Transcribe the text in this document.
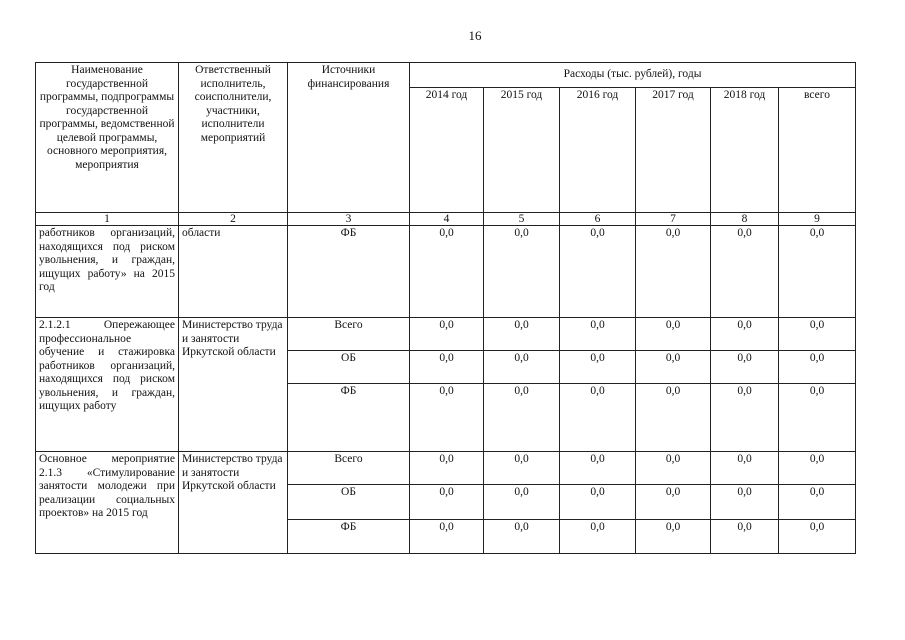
16
Наименование государственной программы, подпрограммы государственной программы, ведомственной целевой программы, основного мероприятия, мероприятия	Ответственный исполнитель, соисполнители, участники, исполнители мероприятий	Источники финансирования	Расходы (тыс. рублей), годы					
			2014 год	2015 год	2016 год	2017 год	2018 год	всего
1	2	3	4	5	6	7	8	9
работников организаций, находящихся под риском увольнения, и граждан, ищущих работу» на 2015 год	области	ФБ	0,0	0,0	0,0	0,0	0,0	0,0
2.1.2.1 Опережающее профессиональное обучение и стажировка работников организаций, находящихся под риском увольнения, и граждан, ищущих работу	Министерство труда и занятости Иркутской области	Всего	0,0	0,0	0,0	0,0	0,0	0,0
		ОБ	0,0	0,0	0,0	0,0	0,0	0,0
		ФБ	0,0	0,0	0,0	0,0	0,0	0,0
Основное мероприятие 2.1.3 «Стимулирование занятости молодежи при реализации социальных проектов» на 2015 год	Министерство труда и занятости Иркутской области	Всего	0,0	0,0	0,0	0,0	0,0	0,0
		ОБ	0,0	0,0	0,0	0,0	0,0	0,0
		ФБ	0,0	0,0	0,0	0,0	0,0	0,0
